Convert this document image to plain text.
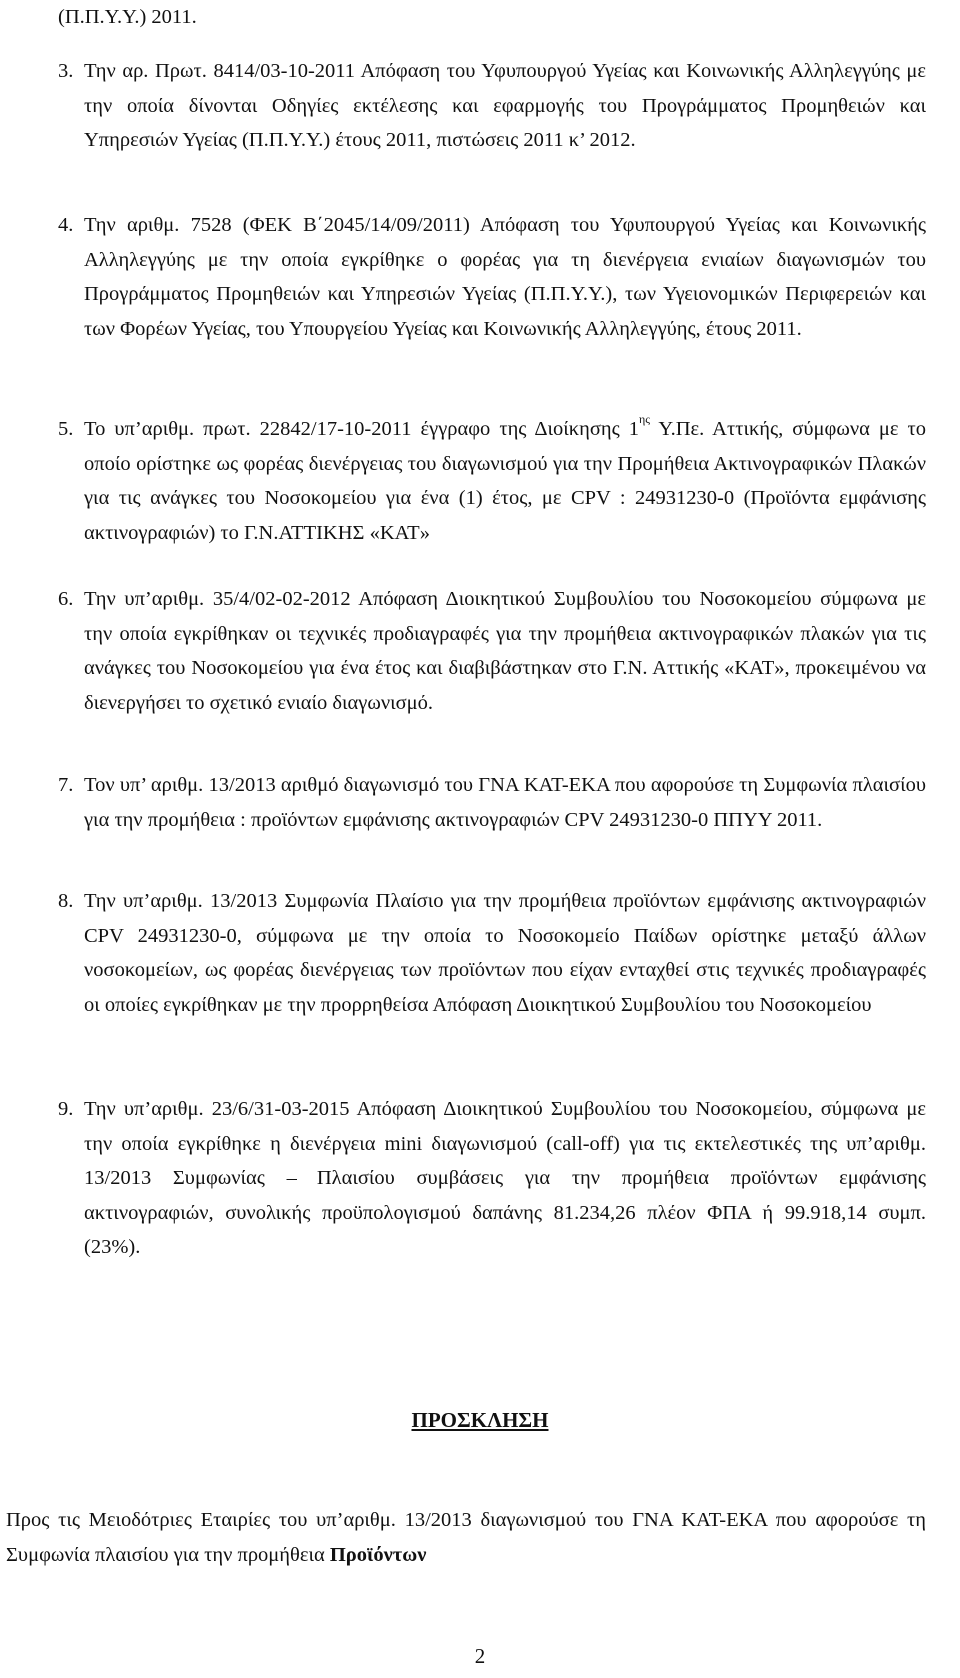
(Π.Π.Υ.Υ.) 2011.
3. Την αρ. Πρωτ. 8414/03-10-2011 Απόφαση του Υφυπουργού Υγείας και Κοινωνικής Αλληλεγγύης με την οποία δίνονται Οδηγίες εκτέλεσης και εφαρμογής του Προγράμματος Προμηθειών και Υπηρεσιών Υγείας (Π.Π.Υ.Υ.) έτους 2011, πιστώσεις 2011 κ’ 2012.
4. Την αριθμ. 7528 (ΦΕΚ Β΄2045/14/09/2011) Απόφαση του Υφυπουργού Υγείας και Κοινωνικής Αλληλεγγύης με την οποία εγκρίθηκε ο φορέας για τη διενέργεια ενιαίων διαγωνισμών του Προγράμματος Προμηθειών και Υπηρεσιών Υγείας (Π.Π.Υ.Υ.), των Υγειονομικών Περιφερειών και των Φορέων Υγείας, του Υπουργείου Υγείας και Κοινωνικής Αλληλεγγύης, έτους 2011.
5. Το υπ’αριθμ. πρωτ. 22842/17-10-2011 έγγραφο της Διοίκησης $1^{\eta\varsigma}$ Υ.Πε. Αττικής, σύμφωνα με το οποίο ορίστηκε ως φορέας διενέργειας του διαγωνισμού για την Προμήθεια Ακτινογραφικών Πλακών για τις ανάγκες του Νοσοκομείου για ένα (1) έτος, με CPV : 24931230-0 (Προϊόντα εμφάνισης ακτινογραφιών) το Γ.Ν.ΑΤΤΙΚΗΣ «ΚΑΤ»
6. Την υπ’αριθμ. 35/4/02-02-2012 Απόφαση Διοικητικού Συμβουλίου του Νοσοκομείου σύμφωνα με την οποία εγκρίθηκαν οι τεχνικές προδιαγραφές για την προμήθεια ακτινογραφικών πλακών για τις ανάγκες του Νοσοκομείου για ένα έτος και διαβιβάστηκαν στο Γ.Ν. Αττικής «ΚΑΤ», προκειμένου να διενεργήσει το σχετικό ενιαίο διαγωνισμό.
7. Τον υπ’ αριθμ. 13/2013 αριθμό διαγωνισμό του ΓΝΑ ΚΑΤ-ΕΚΑ που αφορούσε τη Συμφωνία πλαισίου για την προμήθεια : προϊόντων εμφάνισης ακτινογραφιών CPV 24931230-0 ΠΠΥΥ 2011.
8. Την υπ’αριθμ. 13/2013 Συμφωνία Πλαίσιο για την προμήθεια προϊόντων εμφάνισης ακτινογραφιών CPV 24931230-0, σύμφωνα με την οποία το Νοσοκομείο Παίδων ορίστηκε μεταξύ άλλων νοσοκομείων, ως φορέας διενέργειας των προϊόντων που είχαν ενταχθεί στις τεχνικές προδιαγραφές οι οποίες εγκρίθηκαν με την προρρηθείσα Απόφαση Διοικητικού Συμβουλίου του Νοσοκομείου
9. Την υπ’αριθμ. 23/6/31-03-2015 Απόφαση Διοικητικού Συμβουλίου του Νοσοκομείου, σύμφωνα με την οποία εγκρίθηκε η διενέργεια mini διαγωνισμού (call-off) για τις εκτελεστικές της υπ’αριθμ. 13/2013 Συμφωνίας – Πλαισίου συμβάσεις για την προμήθεια προϊόντων εμφάνισης ακτινογραφιών, συνολικής προϋπολογισμού δαπάνης 81.234,26 πλέον ΦΠΑ ή 99.918,14 συμπ. (23%).
ΠΡΟΣΚΛΗΣΗ
Προς τις Μειοδότριες Εταιρίες του υπ’αριθμ. 13/2013 διαγωνισμού του ΓΝΑ ΚΑΤ-ΕΚΑ που αφορούσε τη Συμφωνία πλαισίου για την προμήθεια Προϊόντων
2
